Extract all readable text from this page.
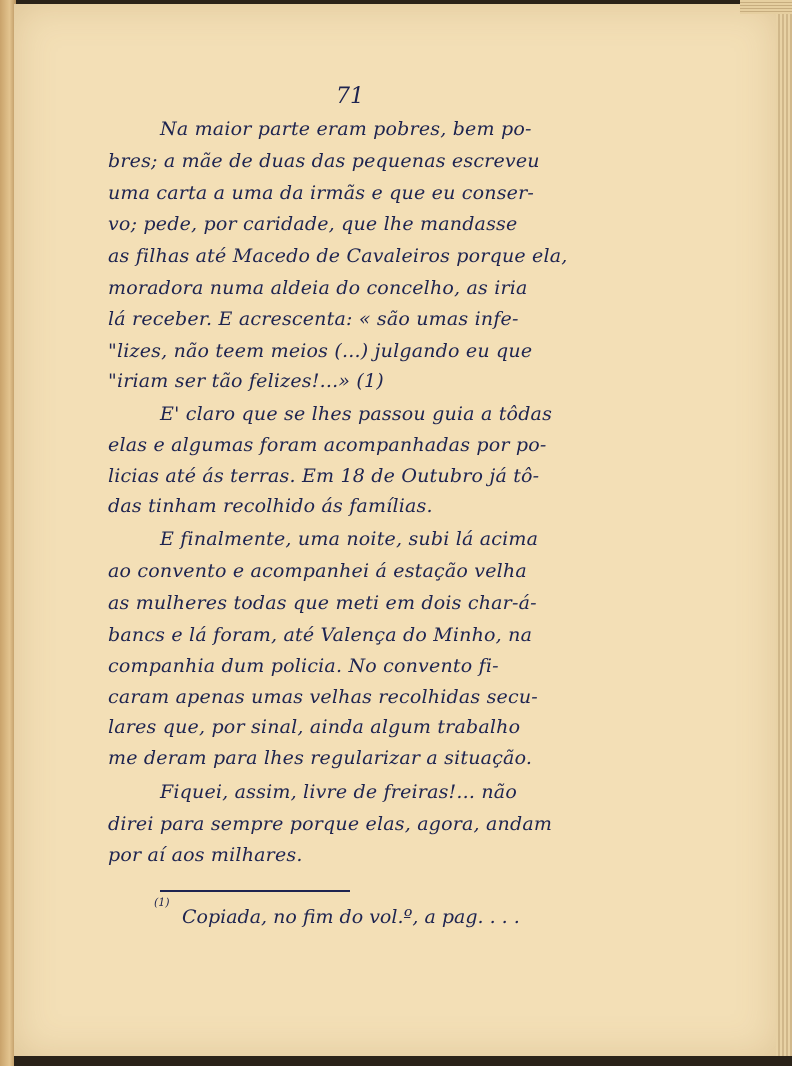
71
Na maior parte eram pobres, bem po-
bres; a mãe de duas das pequenas escreveu
uma carta a uma da irmãs e que eu conser-
vo; pede, por caridade, que lhe mandasse
as filhas até Macedo de Cavaleiros porque ela,
moradora numa aldeia do concelho, as iria
lá receber. E acrescenta: « são umas infe-
"lizes, não teem meios (...) julgando eu que
"iriam ser tão felizes!...» (1)
E' claro que se lhes passou guia a tôdas
elas e algumas foram acompanhadas por po-
licias até ás terras. Em 18 de Outubro já tô-
das tinham recolhido ás famílias.
E finalmente, uma noite, subi lá acima
ao convento e acompanhei á estação velha
as mulheres todas que meti em dois char-á-
bancs e lá foram, até Valença do Minho, na
companhia dum policia. No convento fi-
caram apenas umas velhas recolhidas secu-
lares que, por sinal, ainda algum trabalho
me deram para lhes regularizar a situação.
Fiquei, assim, livre de freiras!... não
direi para sempre porque elas, agora, andam
por aí aos milhares.
(1)
Copiada, no fim do vol.º, a pag. . . .
